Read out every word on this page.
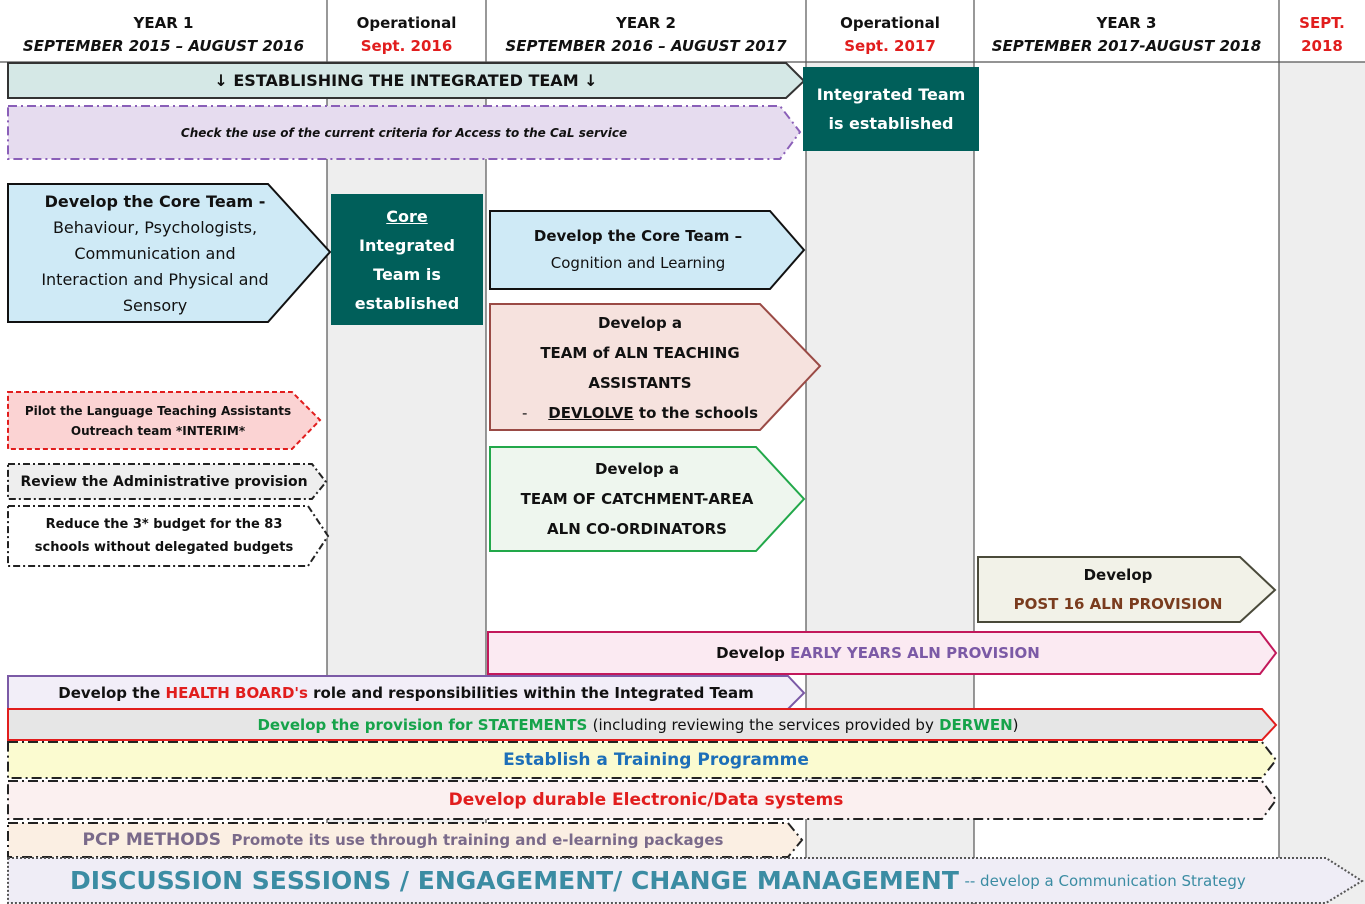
YEAR 1
SEPTEMBER 2015 – AUGUST 2016
Operational
Sept. 2016
YEAR 2
SEPTEMBER 2016 – AUGUST 2017
Operational
Sept. 2017
YEAR 3
SEPTEMBER 2017-AUGUST 2018
SEPT.
2018
Integrated Team
is established
Core
Integrated
Team is
established
↓ ESTABLISHING THE INTEGRATED TEAM ↓
Check the use of the current criteria for Access to the CaL service
Develop the Core Team -
Behaviour, Psychologists,
Communication and
Interaction and Physical and
Sensory
Develop the Core Team –
Cognition and Learning
Develop a
TEAM of ALN TEACHING
ASSISTANTS
- DEVLOLVE to the schools
Pilot the Language Teaching Assistants
Outreach team *INTERIM*
Review the Administrative provision
Reduce the 3* budget for the 83
schools without delegated budgets
Develop a
TEAM OF CATCHMENT-AREA
ALN CO-ORDINATORS
Develop
POST 16 ALN PROVISION
Develop
EARLY YEARS ALN PROVISION
Develop the
HEALTH BOARD's
role and responsibilities within the Integrated Team
Develop the provision for STATEMENTS
(including reviewing the services provided by
DERWEN )
Establish a Training Programme
Develop durable Electronic/Data systems
PCP METHODS
Promote its use through training and e-learning packages
DISCUSSION SESSIONS / ENGAGEMENT/ CHANGE MANAGEMENT
-- develop a Communication Strategy
